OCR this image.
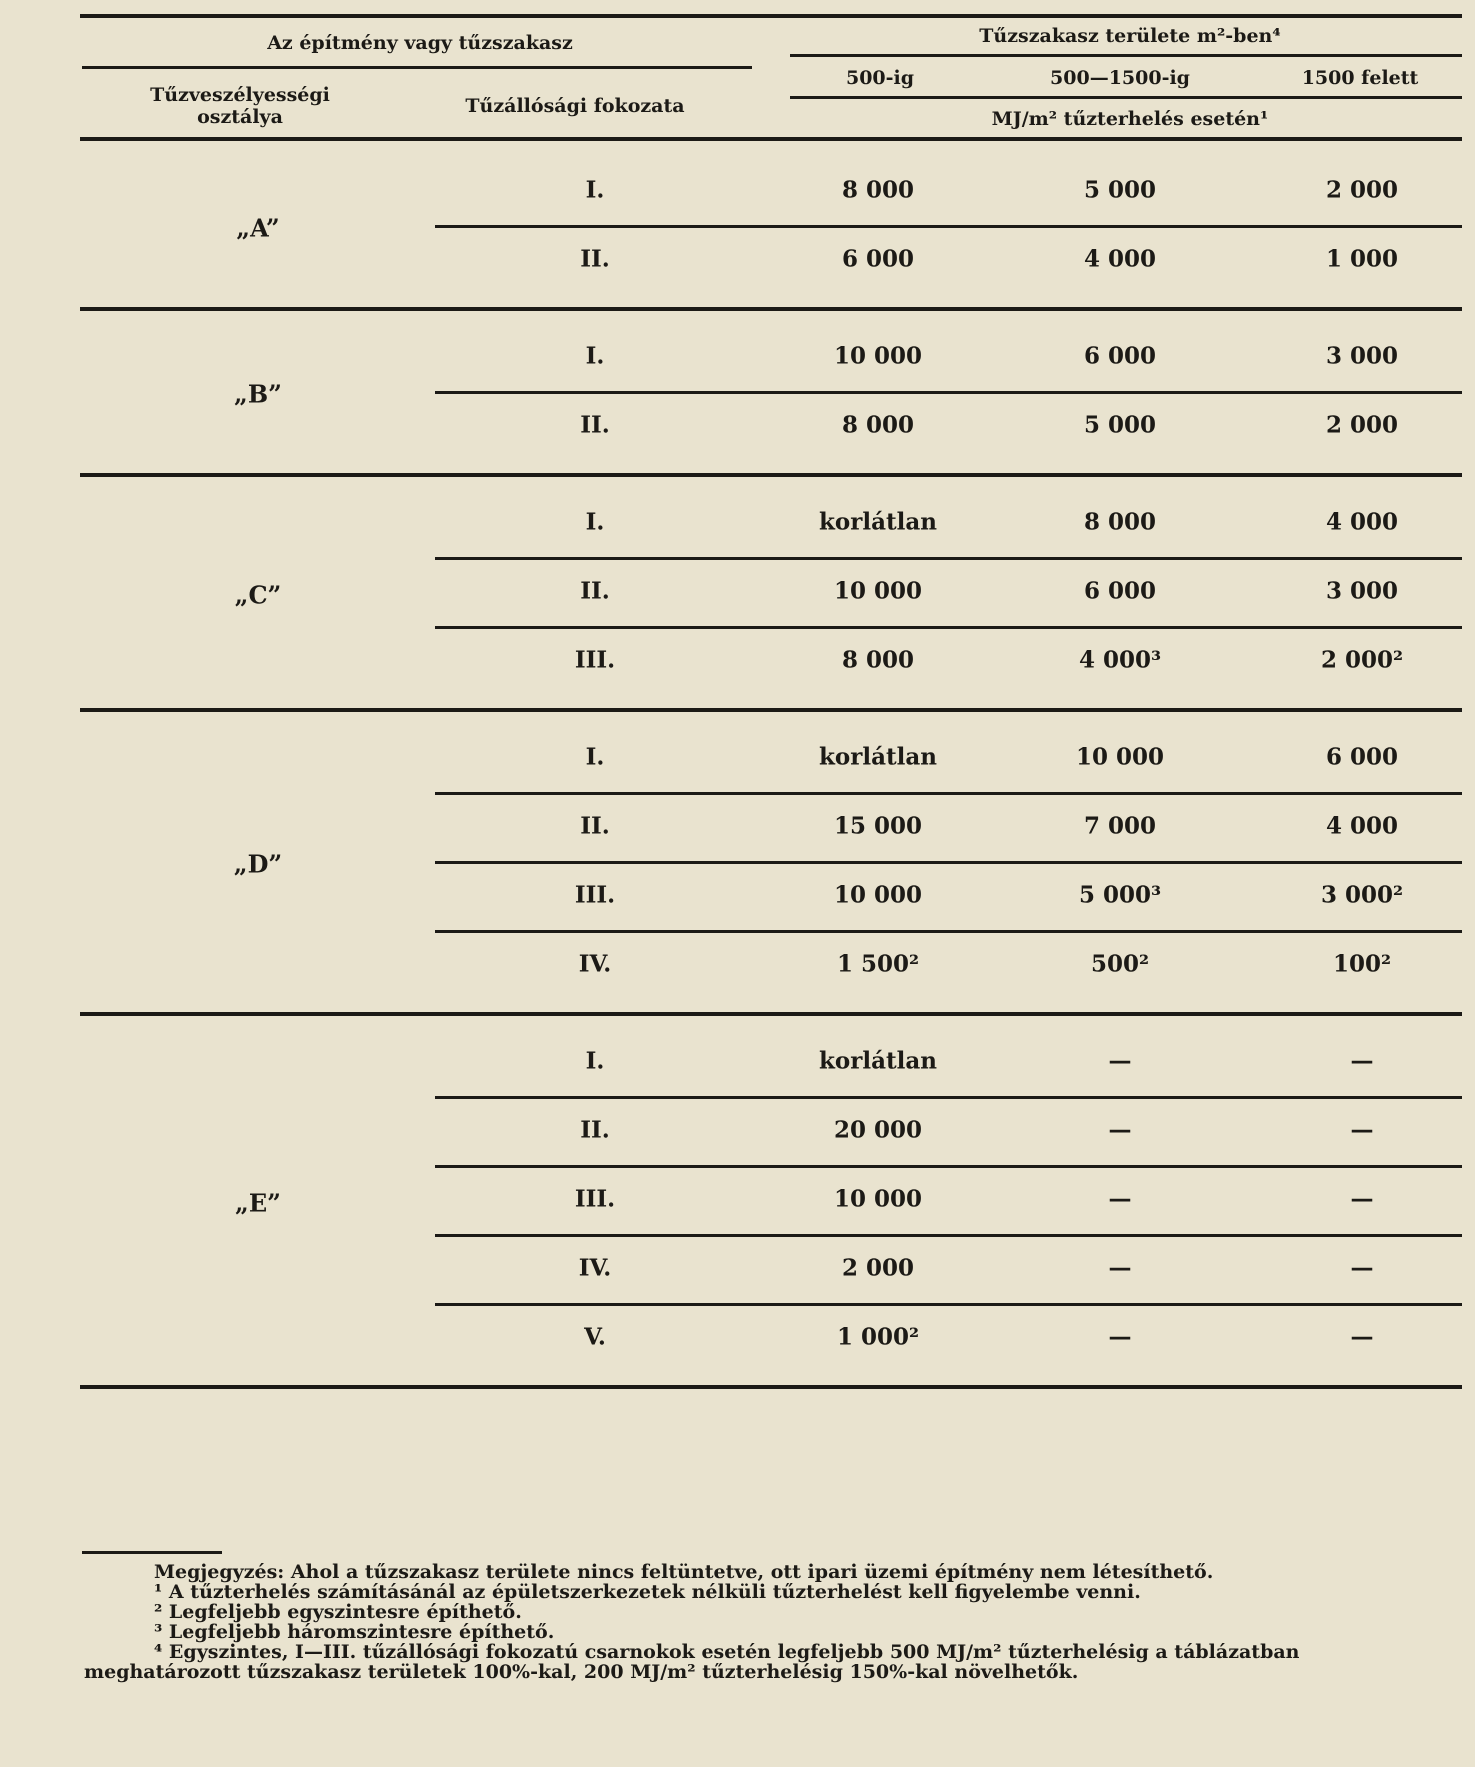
Az építmény vagy tűzszakasz
Tűzveszélyességi
osztálya	Tűzállósági fokozata
Tűzszakasz területe m²-ben⁴
500-ig	500—1500-ig	1500 felett
MJ/m² tűzterhelés esetén¹
„A”
I.	8 000	5 000	2 000
II.	6 000	4 000	1 000
„B”
I.	10 000	6 000	3 000
II.	8 000	5 000	2 000
„C”
I.	korlátlan	8 000	4 000
II.	10 000	6 000	3 000
III.	8 000	4 000³	2 000²
„D”
I.	korlátlan	10 000	6 000
II.	15 000	7 000	4 000
III.	10 000	5 000³	3 000²
IV.	1 500²	500²	100²
„E”
I.	korlátlan	—	—
II.	20 000	—	—
III.	10 000	—	—
IV.	2 000	—	—
V.	1 000²	—	—
Megjegyzés: Ahol a tűzszakasz területe nincs feltüntetve, ott ipari üzemi építmény nem létesíthető.
¹ A tűzterhelés számításánál az épületszerkezetek nélküli tűzterhelést kell figyelembe venni.
² Legfeljebb egyszintesre építhető.
³ Legfeljebb háromszintesre építhető.
⁴ Egyszintes, I—III. tűzállósági fokozatú csarnokok esetén legfeljebb 500 MJ/m² tűzterhelésig a táblázatban
meghatározott tűzszakasz területek 100%-kal, 200 MJ/m² tűzterhelésig 150%-kal növelhetők.
